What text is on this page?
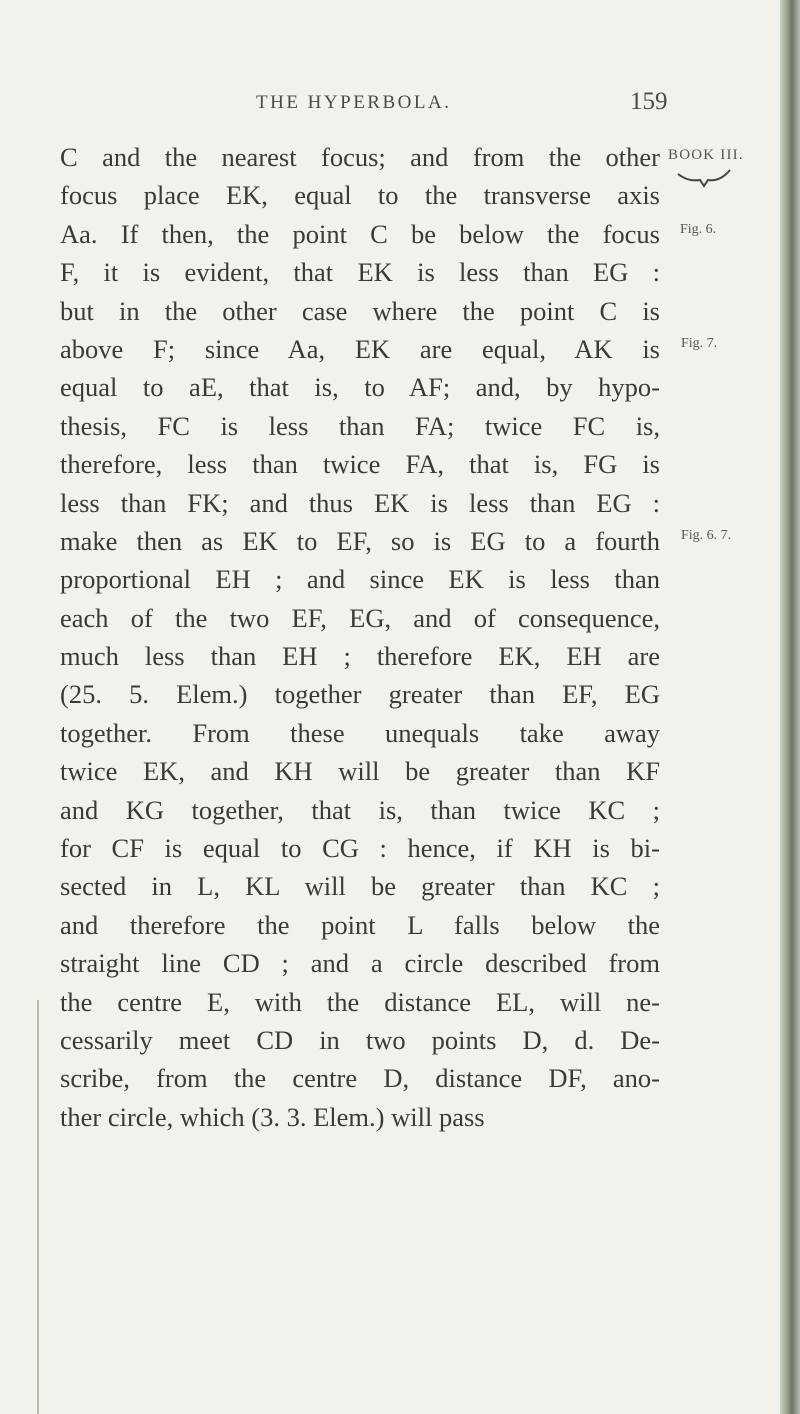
THE HYPERBOLA.	159
BOOK III.
Fig. 6.
Fig. 7.
Fig. 6. 7.
C and the nearest focus; and from the other
focus place EK, equal to the transverse axis
Aa. If then, the point C be below the focus
F, it is evident, that EK is less than EG :
but in the other case where the point C is
above F; since Aa, EK are equal, AK is
equal to aE, that is, to AF; and, by hypo-
thesis, FC is less than FA; twice FC is,
therefore, less than twice FA, that is, FG is
less than FK; and thus EK is less than EG :
make then as EK to EF, so is EG to a fourth
proportional EH ; and since EK is less than
each of the two EF, EG, and of consequence,
much less than EH ; therefore EK, EH are
(25. 5. Elem.) together greater than EF, EG
together. From these unequals take away
twice EK, and KH will be greater than KF
and KG together, that is, than twice KC ;
for CF is equal to CG : hence, if KH is bi-
sected in L, KL will be greater than KC ;
and therefore the point L falls below the
straight line CD ; and a circle described from
the centre E, with the distance EL, will ne-
cessarily meet CD in two points D, d. De-
scribe, from the centre D, distance DF, ano-
ther circle, which (3. 3. Elem.) will pass
